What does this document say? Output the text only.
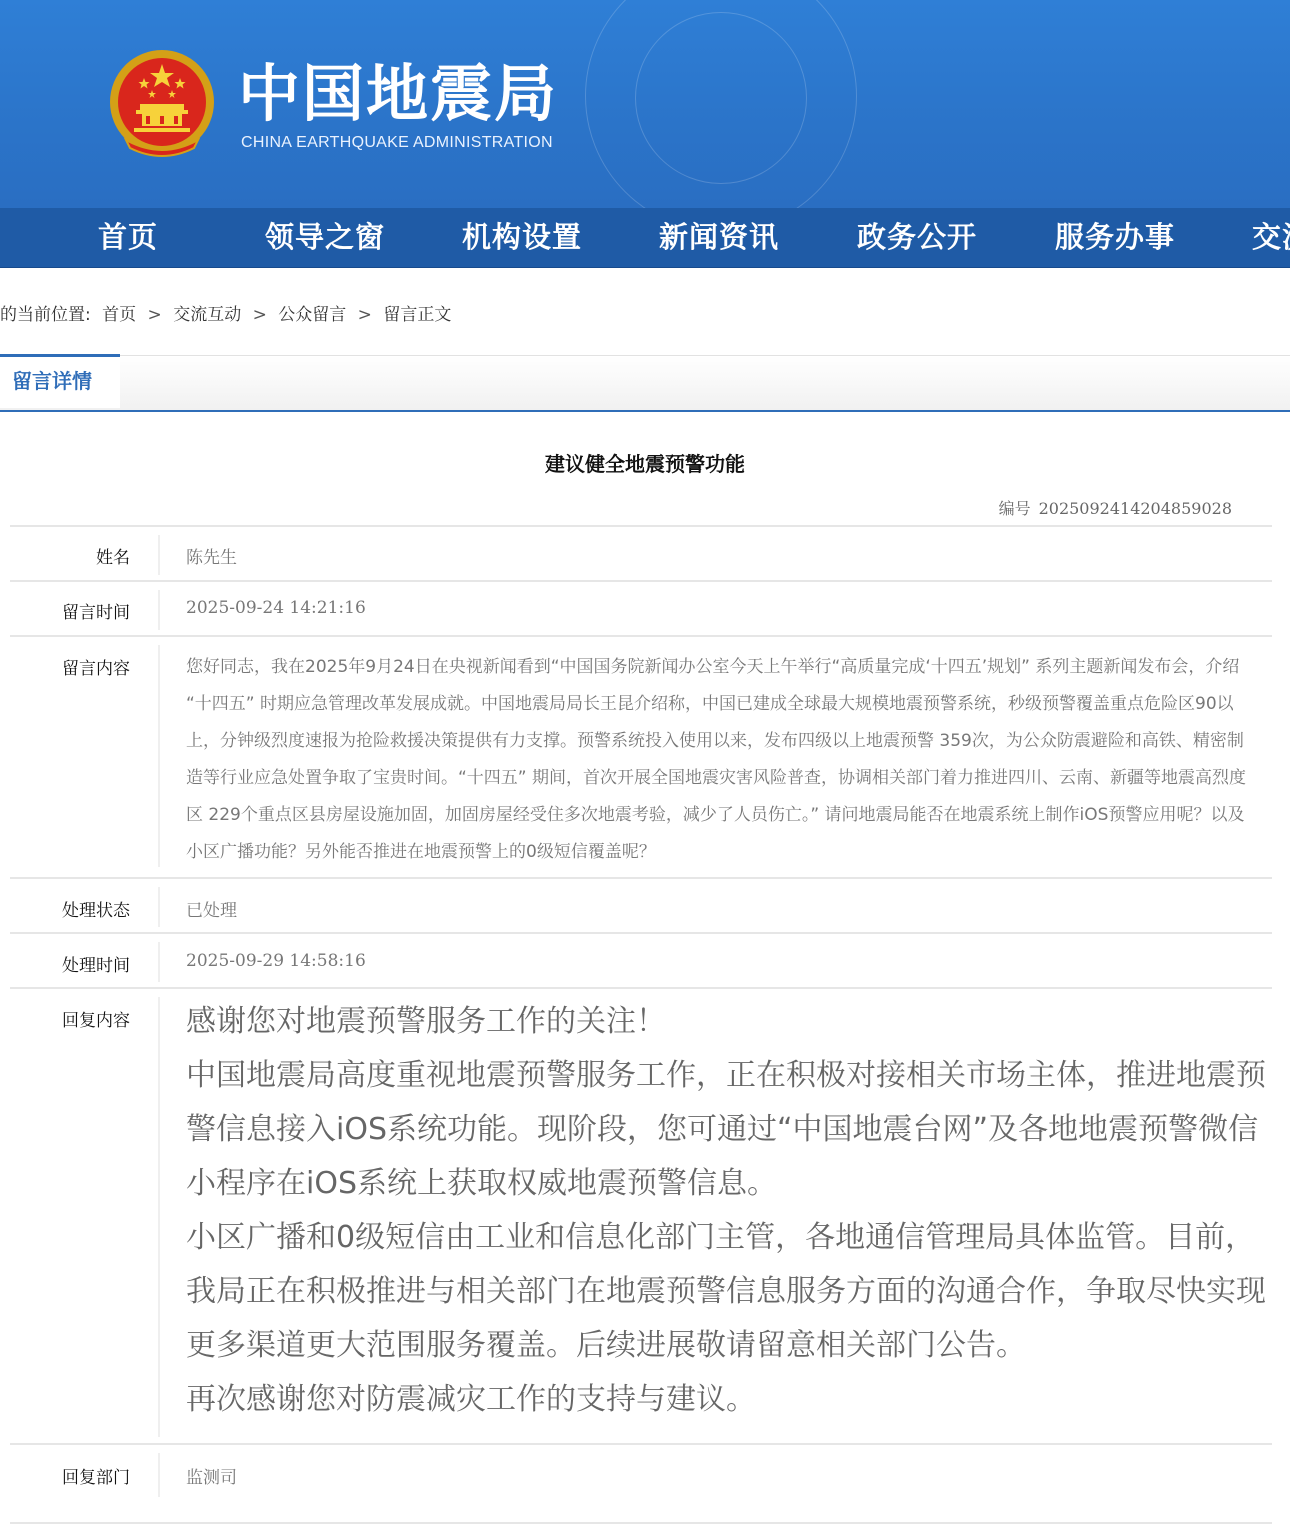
中国地震局
CHINA EARTHQUAKE ADMINISTRATION
首页	领导之窗	机构设置	新闻资讯	政务公开	服务办事	交流
的当前位置: 首页 > 交流互动 > 公众留言 > 留言正文
留言详情
建议健全地震预警功能
编号 2025092414204859028
姓名	陈先生
留言时间	2025-09-24 14:21:16
留言内容	您好同志，我在2025年9月24日在央视新闻看到“中国国务院新闻办公室今天上午举行“高质量完成‘十四五’规划” 系列主题新闻发布会，介绍 “十四五” 时期应急管理改革发展成就。中国地震局局长王昆介绍称，中国已建成全球最大规模地震预警系统，秒级预警覆盖重点危险区90以上，分钟级烈度速报为抢险救援决策提供有力支撑。预警系统投入使用以来，发布四级以上地震预警 359次，为公众防震避险和高铁、精密制造等行业应急处置争取了宝贵时间。“十四五” 期间，首次开展全国地震灾害风险普查，协调相关部门着力推进四川、云南、新疆等地震高烈度区 229个重点区县房屋设施加固，加固房屋经受住多次地震考验，减少了人员伤亡。” 请问地震局能否在地震系统上制作iOS预警应用呢？以及小区广播功能？另外能否推进在地震预警上的0级短信覆盖呢？
处理状态	已处理
处理时间	2025-09-29 14:58:16
回复内容 感谢您对地震预警服务工作的关注！

中国地震局高度重视地震预警服务工作，正在积极对接相关市场主体，推进地震预警信息接入iOS系统功能。现阶段，您可通过“中国地震台网”及各地地震预警微信小程序在iOS系统上获取权威地震预警信息。

小区广播和0级短信由工业和信息化部门主管，各地通信管理局具体监管。目前，我局正在积极推进与相关部门在地震预警信息服务方面的沟通合作，争取尽快实现更多渠道更大范围服务覆盖。后续进展敬请留意相关部门公告。

再次感谢您对防震减灾工作的支持与建议。

回复部门	监测司
